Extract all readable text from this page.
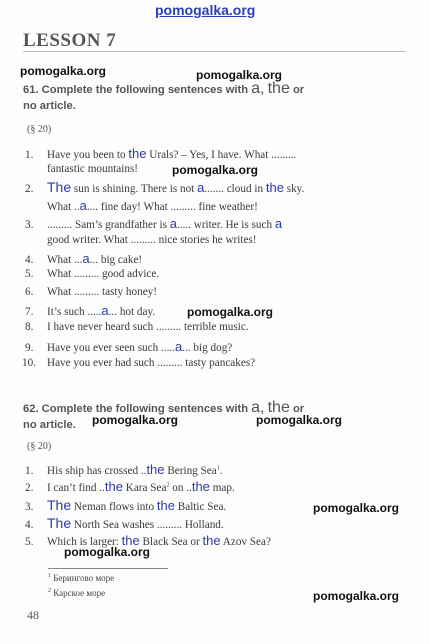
pomogalka.org
LESSON 7
pomogalka.org	pomogalka.org
61. Complete the following sentences with a, the or
no article.
(§ 20)
1. Have you been to the Urals? – Yes, I have. What .........
fantastic mountains!	pomogalka.org
2. The sun is shining. There is not a....... cloud in the sky.
What ..a.... fine day! What ......... fine weather!
3. ......... Sam’s grandfather is a..... writer. He is such a
good writer. What ......... nice stories he writes!
4. What ...a... big cake!
5. What ......... good advice.
6. What ......... tasty honey!
7. It’s such .....a... hot day.	pomogalka.org
8. I have never heard such ......... terrible music.
9. Have you ever seen such .....a... big dog?
10. Have you ever had such ......... tasty pancakes?
62. Complete the following sentences with a, the or
no article. pomogalka.org	pomogalka.org
(§ 20)
1. His ship has crossed ..the Bering Sea$^1$.
2. I can’t find ..the Kara Sea$^2$ on ..the map.
3. The Neman flows into the Baltic Sea.	pomogalka.org
4. The North Sea washes ......... Holland.
5. Which is larger: the Black Sea or the Azov Sea?
pomogalka.org
$^1$ Берингово море
$^2$ Карское море	pomogalka.org
48
